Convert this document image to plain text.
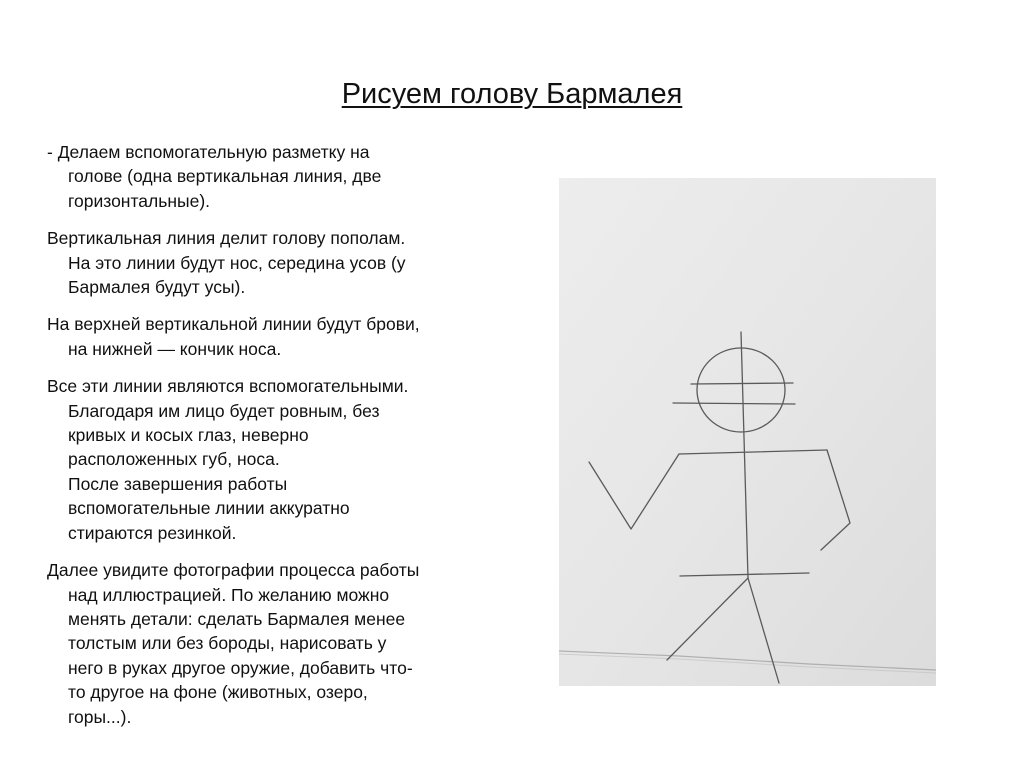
Рисуем голову Бармалея

- Делаем вспомогательную разметку на
голове (одна вертикальная линия, две
горизонтальные).

Вертикальная линия делит голову пополам.
На это линии будут нос, середина усов (у
Бармалея будут усы).

На верхней вертикальной линии будут брови,
на нижней — кончик носа.

Все эти линии являются вспомогательными.
Благодаря им лицо будет ровным, без
кривых и косых глаз, неверно
расположенных губ, носа.
После завершения работы
вспомогательные линии аккуратно
стираются резинкой.

Далее увидите фотографии процесса работы
над иллюстрацией. По желанию можно
менять детали: сделать Бармалея менее
толстым или без бороды, нарисовать у
него в руках другое оружие, добавить что-
то другое на фоне (животных, озеро,
горы...).
